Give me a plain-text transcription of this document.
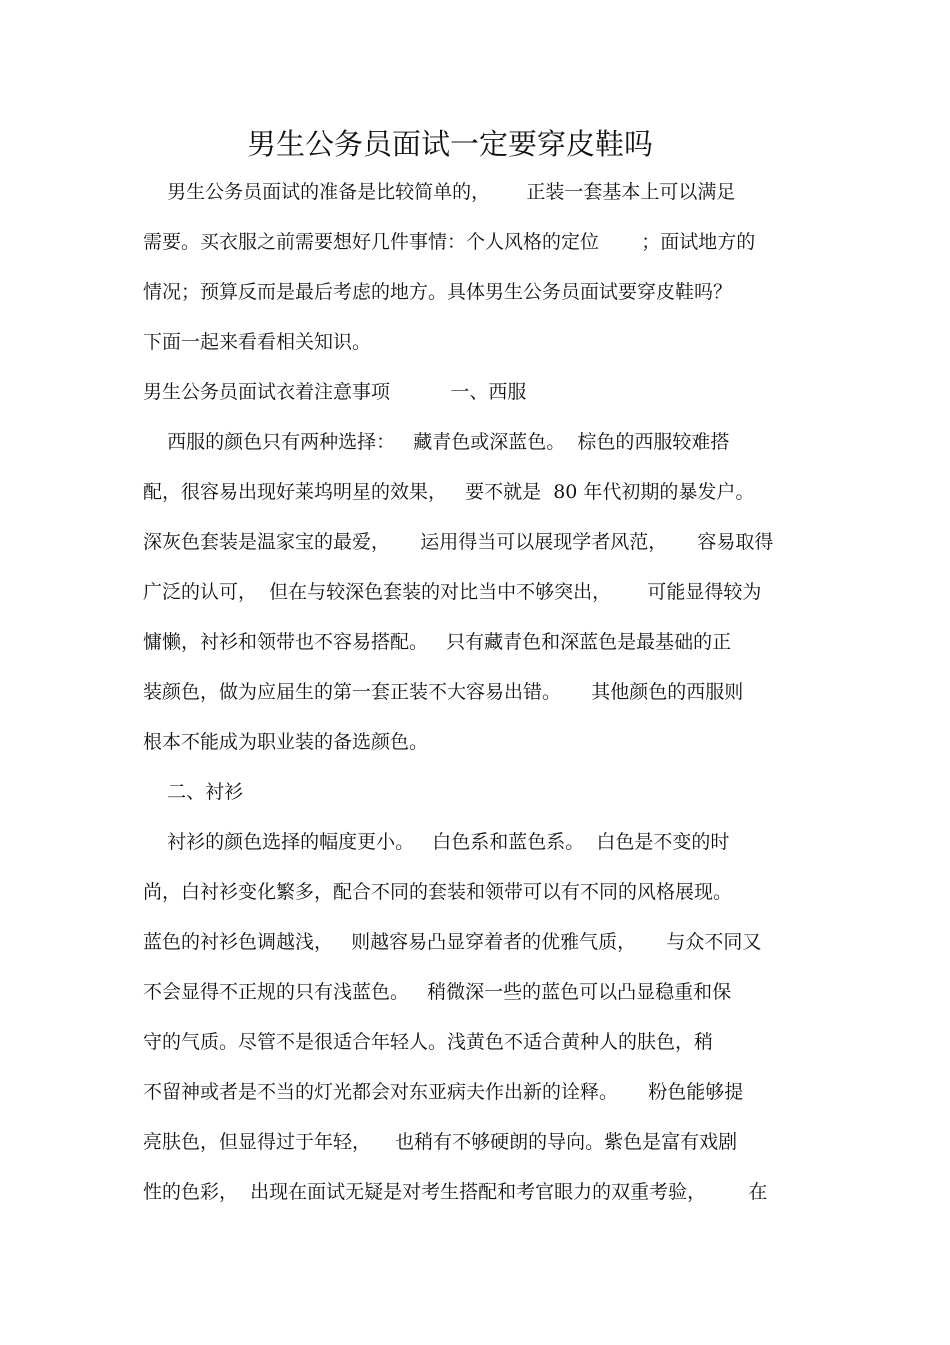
男生公务员面试一定要穿皮鞋吗

男生公务员面试的准备是比较简单的，      正装一套基本上可以满足

需要。买衣服之前需要想好几件事情：个人风格的定位       ；面试地方的

情况；预算反而是最后考虑的地方。具体男生公务员面试要穿皮鞋吗？

下面一起来看看相关知识。

男生公务员面试衣着注意事项          一、西服

西服的颜色只有两种选择：   藏青色或深蓝色。  棕色的西服较难搭

配，很容易出现好莱坞明星的效果，   要不就是  80 年代初期的暴发户。

深灰色套装是温家宝的最爱，     运用得当可以展现学者风范，     容易取得

广泛的认可，  但在与较深色套装的对比当中不够突出，      可能显得较为

慵懒，衬衫和领带也不容易搭配。   只有藏青色和深蓝色是最基础的正

装颜色，做为应届生的第一套正装不大容易出错。     其他颜色的西服则

根本不能成为职业装的备选颜色。

二、衬衫

衬衫的颜色选择的幅度更小。   白色系和蓝色系。  白色是不变的时

尚，白衬衫变化繁多，配合不同的套装和领带可以有不同的风格展现。

蓝色的衬衫色调越浅，   则越容易凸显穿着者的优雅气质，     与众不同又

不会显得不正规的只有浅蓝色。   稍微深一些的蓝色可以凸显稳重和保

守的气质。尽管不是很适合年轻人。浅黄色不适合黄种人的肤色，稍

不留神或者是不当的灯光都会对东亚病夫作出新的诠释。     粉色能够提

亮肤色，但显得过于年轻，    也稍有不够硬朗的导向。紫色是富有戏剧

性的色彩，  出现在面试无疑是对考生搭配和考官眼力的双重考验，       在
